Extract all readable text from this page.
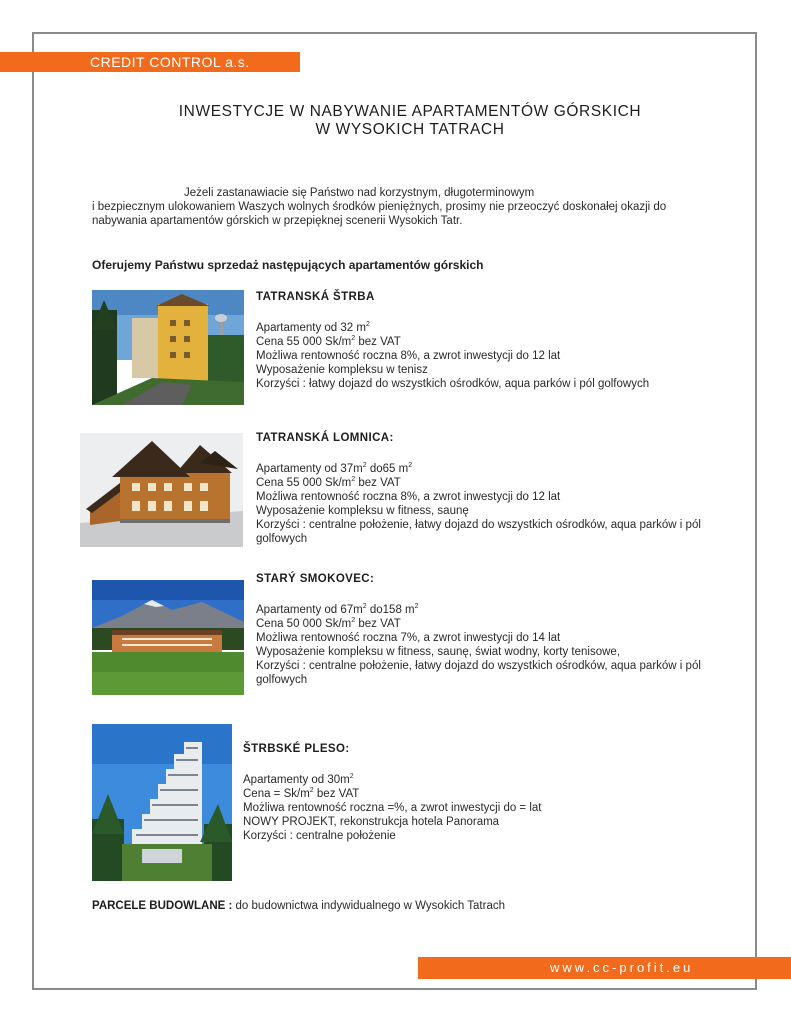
CREDIT CONTROL a.s.
INWESTYCJE W NABYWANIE APARTAMENTÓW GÓRSKICH
W WYSOKICH TATRACH
Jeżeli zastanawiacie się Państwo nad korzystnym, długoterminowym
i bezpiecznym ulokowaniem Waszych wolnych środków pieniężnych, prosimy nie przeoczyć doskonałej okazji do nabywania apartamentów górskich w przepięknej scenerii Wysokich Tatr.
Oferujemy Państwu sprzedaż następujących apartamentów górskich
TATRANSKÁ ŠTRBA
Apartamenty od 32 $m^2$
Cena 55 000 $Sk/m^2$ bez VAT
Możliwa rentowność roczna 8%, a zwrot inwestycji do 12 lat
Wyposażenie kompleksu w tenisz
Korzyści : łatwy dojazd do wszystkich ośrodków, aqua parków i pól golfowych
TATRANSKÁ LOMNICA:
Apartamenty od $37m^2$ do65 $m^2$
Cena 55 000 $Sk/m^2$ bez VAT
Możliwa rentowność roczna 8%, a zwrot inwestycji do 12 lat
Wyposażenie kompleksu w fitness, saunę
Korzyści : centralne położenie, łatwy dojazd do wszystkich ośrodków, aqua parków i pól golfowych
STARÝ SMOKOVEC:
Apartamenty od $67m^2$ do158 $m^2$
Cena 50 000 $Sk/m^2$ bez VAT
Możliwa rentowność roczna 7%, a zwrot inwestycji do 14 lat
Wyposażenie kompleksu w fitness, saunę, świat wodny, korty tenisowe,
Korzyści : centralne położenie, łatwy dojazd do wszystkich ośrodków, aqua parków i pól golfowych
ŠTRBSKÉ PLESO:
Apartamenty od $30m^2$
Cena = $Sk/m^2$ bez VAT
Możliwa rentowność roczna =%, a zwrot inwestycji do = lat
NOWY PROJEKT, rekonstrukcja hotela Panorama
Korzyści : centralne położenie
PARCELE BUDOWLANE : do budownictwa indywidualnego w Wysokich Tatrach
www.cc-profit.eu
